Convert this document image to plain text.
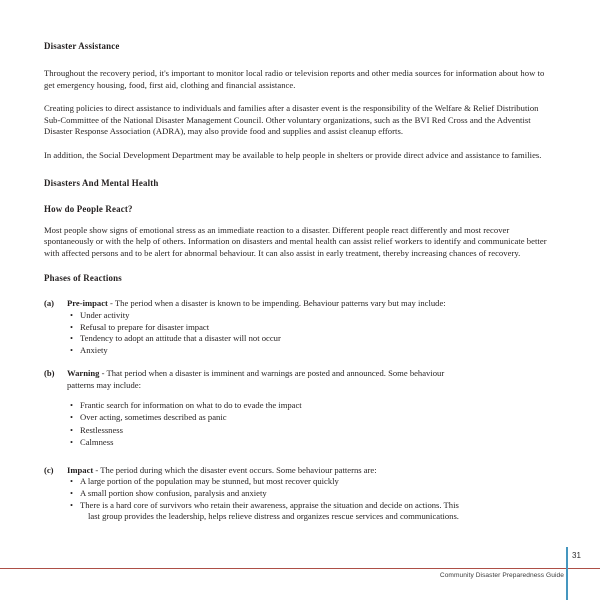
Disaster Assistance

Throughout the recovery period, it's important to monitor local radio or television reports and other media sources for information about how to get emergency housing, food, first aid, clothing and financial assistance.

Creating policies to direct assistance to individuals and families after a disaster event is the responsibility of the Welfare & Relief Distribution Sub-Committee of the National Disaster Management Council. Other voluntary organizations, such as the BVI Red Cross and the Adventist Disaster Response Association (ADRA), may also provide food and supplies and assist cleanup efforts.

In addition, the Social Development Department may be available to help people in shelters or provide direct advice and assistance to families.

Disasters And Mental Health
How do People React?

Most people show signs of emotional stress as an immediate reaction to a disaster. Different people react differently and most recover spontaneously or with the help of others. Information on disasters and mental health can assist relief workers to identify and communicate better with affected persons and to be alert for abnormal behaviour. It can also assist in early treatment, thereby increasing chances of recovery.

Phases of Reactions
(a) Pre-impact - The period when a disaster is known to be impending. Behaviour patterns vary but may include:
• Under activity
• Refusal to prepare for disaster impact
• Tendency to adopt an attitude that a disaster will not occur
• Anxiety
(b) Warning - That period when a disaster is imminent and warnings are posted and announced. Some behaviour
patterns may include:
• Frantic search for information on what to do to evade the impact
• Over acting, sometimes described as panic
• Restlessness
• Calmness
(c) Impact - The period during which the disaster event occurs. Some behaviour patterns are:
• A large portion of the population may be stunned, but most recover quickly
• A small portion show confusion, paralysis and anxiety
• There is a hard core of survivors who retain their awareness, appraise the situation and decide on actions. This
last group provides the leadership, helps relieve distress and organizes rescue services and communications.
31
Community Disaster Preparedness Guide
